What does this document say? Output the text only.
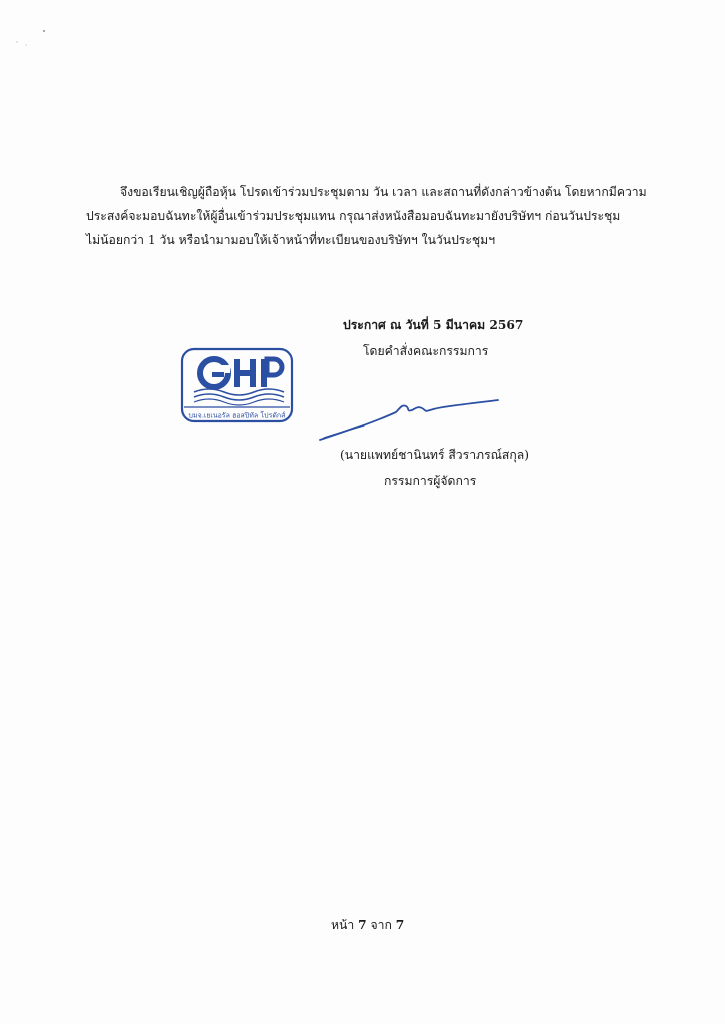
จึงขอเรียนเชิญผู้ถือหุ้น โปรดเข้าร่วมประชุมตาม วัน เวลา และสถานที่ดังกล่าวข้างต้น โดยหากมีความ
ประสงค์จะมอบฉันทะให้ผู้อื่นเข้าร่วมประชุมแทน กรุณาส่งหนังสือมอบฉันทะมายังบริษัทฯ ก่อนวันประชุม
ไม่น้อยกว่า 1 วัน หรือนำมามอบให้เจ้าหน้าที่ทะเบียนของบริษัทฯ ในวันประชุมฯ
ประกาศ ณ วันที่ 5 มีนาคม 2567
โดยคำสั่งคณะกรรมการ
บมจ.เยเนอรัล ฮอสปิทัล โปรดักส์
(นายแพทย์ชานินทร์ สีวราภรณ์สกุล)
กรรมการผู้จัดการ
หน้า 7 จาก 7
